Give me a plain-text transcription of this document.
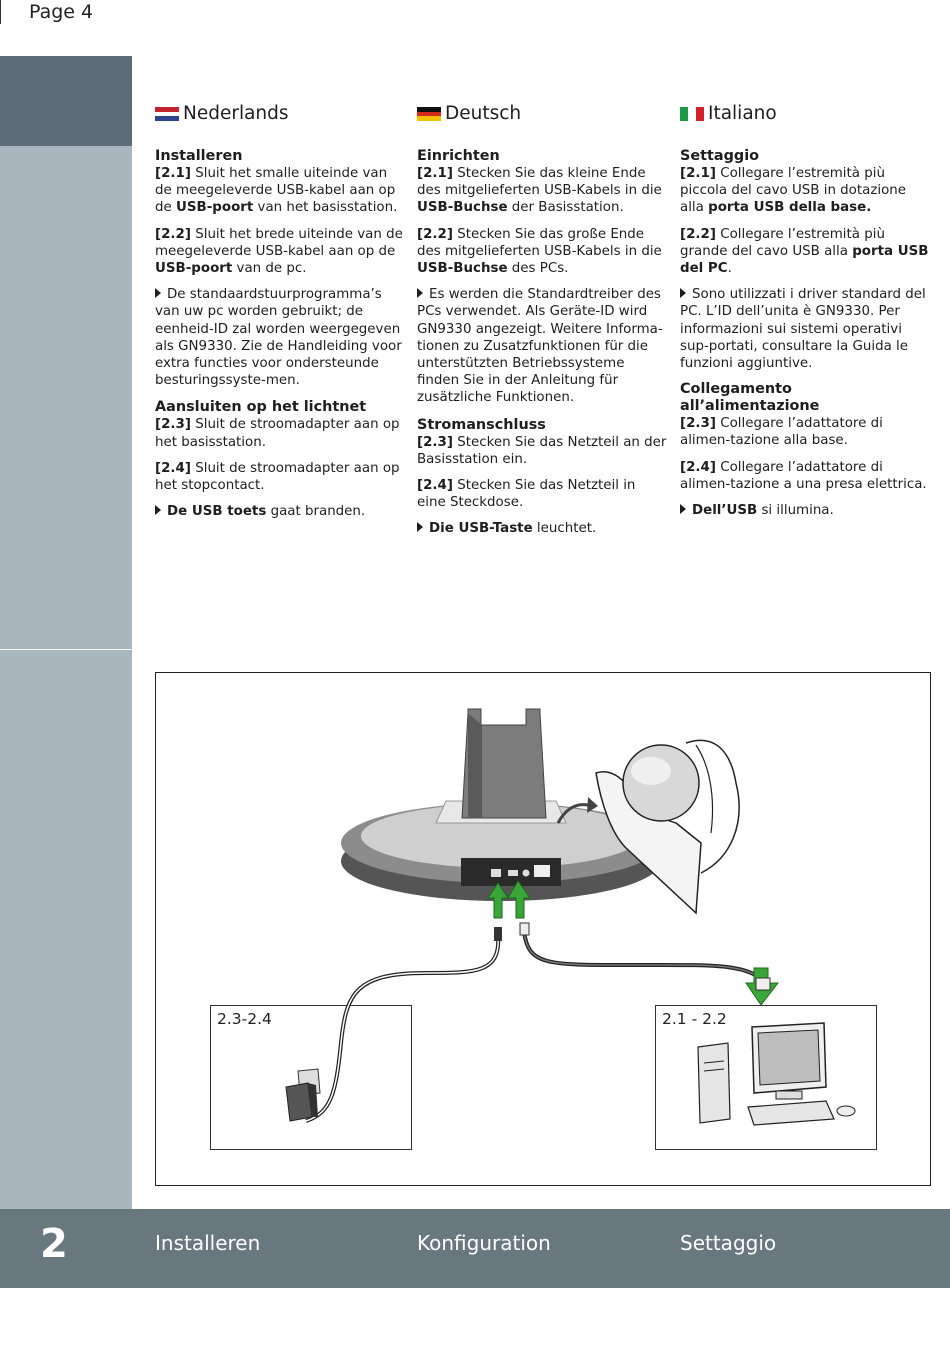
Page 4
Nederlands
Installeren

[2.1] Sluit het smalle uiteinde van de meegeleverde USB-kabel aan op de USB-poort van het basisstation.

[2.2] Sluit het brede uiteinde van de meegeleverde USB-kabel aan op de USB-poort van de pc.

De standaardstuurprogramma’s van uw pc worden gebruikt; de eenheid-ID zal worden weergegeven als GN9330. Zie de Handleiding voor extra functies voor ondersteunde besturingssyste-men.

Aansluiten op het lichtnet

[2.3] Sluit de stroomadapter aan op het basisstation.

[2.4] Sluit de stroomadapter aan op het stopcontact.

De USB toets gaat branden.

Deutsch
Einrichten

[2.1] Stecken Sie das kleine Ende des mitgelieferten USB-Kabels in die USB-Buchse der Basisstation.

[2.2] Stecken Sie das große Ende des mitgelieferten USB-Kabels in die USB-Buchse des PCs.

Es werden die Standardtreiber des PCs verwendet. Als Geräte-ID wird GN9330 angezeigt. Weitere Informa-tionen zu Zusatzfunktionen für die unterstützten Betriebssysteme finden Sie in der Anleitung für zusätzliche Funktionen.

Stromanschluss

[2.3] Stecken Sie das Netzteil an der Basisstation ein.

[2.4] Stecken Sie das Netzteil in eine Steckdose.

Die USB-Taste leuchtet.

Italiano
Settaggio

[2.1] Collegare l’estremità più piccola del cavo USB in dotazione alla porta USB della base.

[2.2] Collegare l’estremità più grande del cavo USB alla porta USB del PC.

Sono utilizzati i driver standard del PC. L’ID dell’unita è GN9330. Per informazioni sui sistemi operativi sup-portati, consultare la Guida le funzioni aggiuntive.

Collegamento all’alimentazione

[2.3] Collegare l’adattatore di alimen-tazione alla base.

[2.4] Collegare l’adattatore di alimen-tazione a una presa elettrica.

Dell’USB si illumina.

2.3-2.4	2.1 - 2.2
2	Installeren	Konfiguration	Settaggio
